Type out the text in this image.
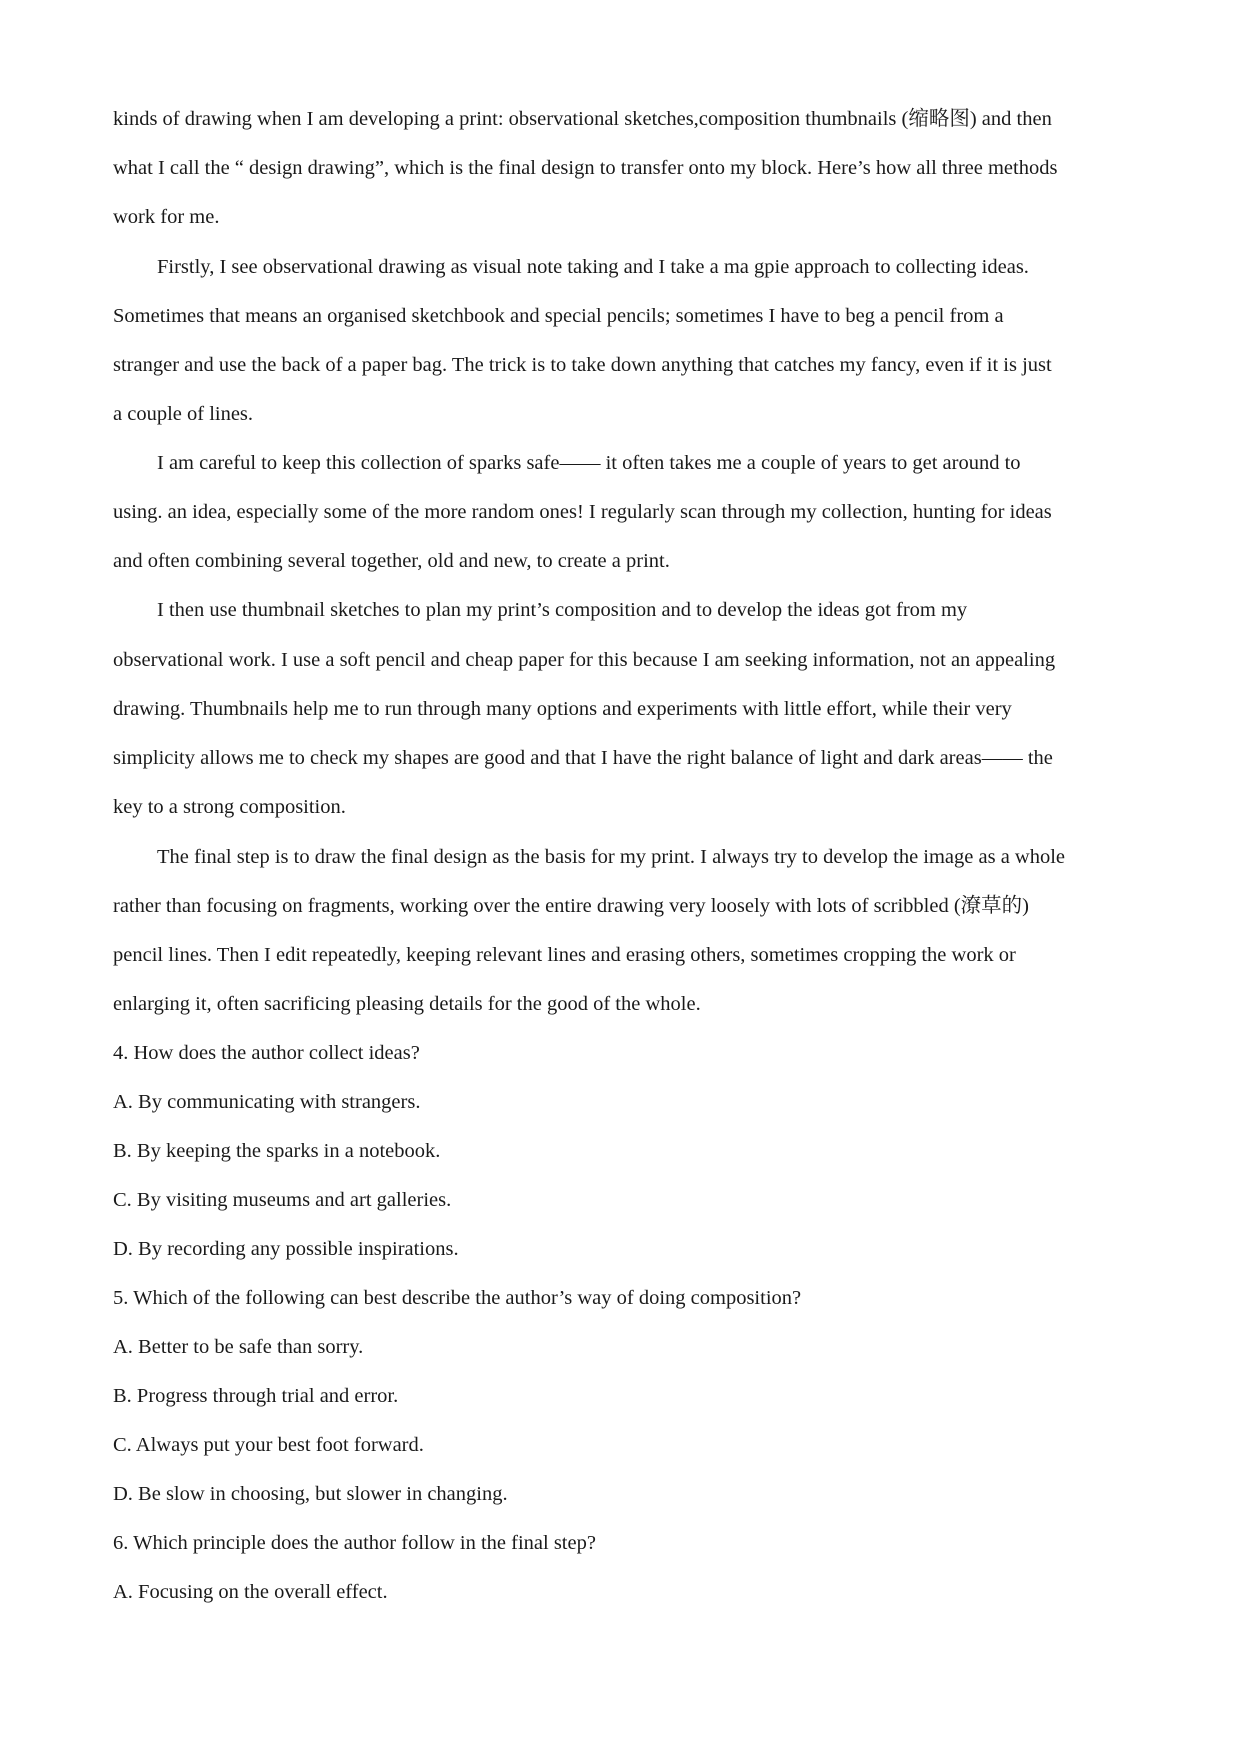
kinds of drawing when I am developing a print: observational sketches,composition thumbnails (缩略图) and then
what I call the “ design drawing”, which is the final design to transfer onto my block. Here’s how all three methods
work for me.
Firstly, I see observational drawing as visual note taking and I take a ma gpie approach to collecting ideas.
Sometimes that means an organised sketchbook and special pencils; sometimes I have to beg a pencil from a
stranger and use the back of a paper bag. The trick is to take down anything that catches my fancy, even if it is just
a couple of lines.
I am careful to keep this collection of sparks safe—— it often takes me a couple of years to get around to
using. an idea, especially some of the more random ones! I regularly scan through my collection, hunting for ideas
and often combining several together, old and new, to create a print.
I then use thumbnail sketches to plan my print’s composition and to develop the ideas got from my
observational work. I use a soft pencil and cheap paper for this because I am seeking information, not an appealing
drawing. Thumbnails help me to run through many options and experiments with little effort, while their very
simplicity allows me to check my shapes are good and that I have the right balance of light and dark areas—— the
key to a strong composition.
The final step is to draw the final design as the basis for my print. I always try to develop the image as a whole
rather than focusing on fragments, working over the entire drawing very loosely with lots of scribbled (潦草的)
pencil lines. Then I edit repeatedly, keeping relevant lines and erasing others, sometimes cropping the work or
enlarging it, often sacrificing pleasing details for the good of the whole.
4. How does the author collect ideas?
A. By communicating with strangers.
B. By keeping the sparks in a notebook.
C. By visiting museums and art galleries.
D. By recording any possible inspirations.
5. Which of the following can best describe the author’s way of doing composition?
A. Better to be safe than sorry.
B. Progress through trial and error.
C. Always put your best foot forward.
D. Be slow in choosing, but slower in changing.
6. Which principle does the author follow in the final step?
A. Focusing on the overall effect.
